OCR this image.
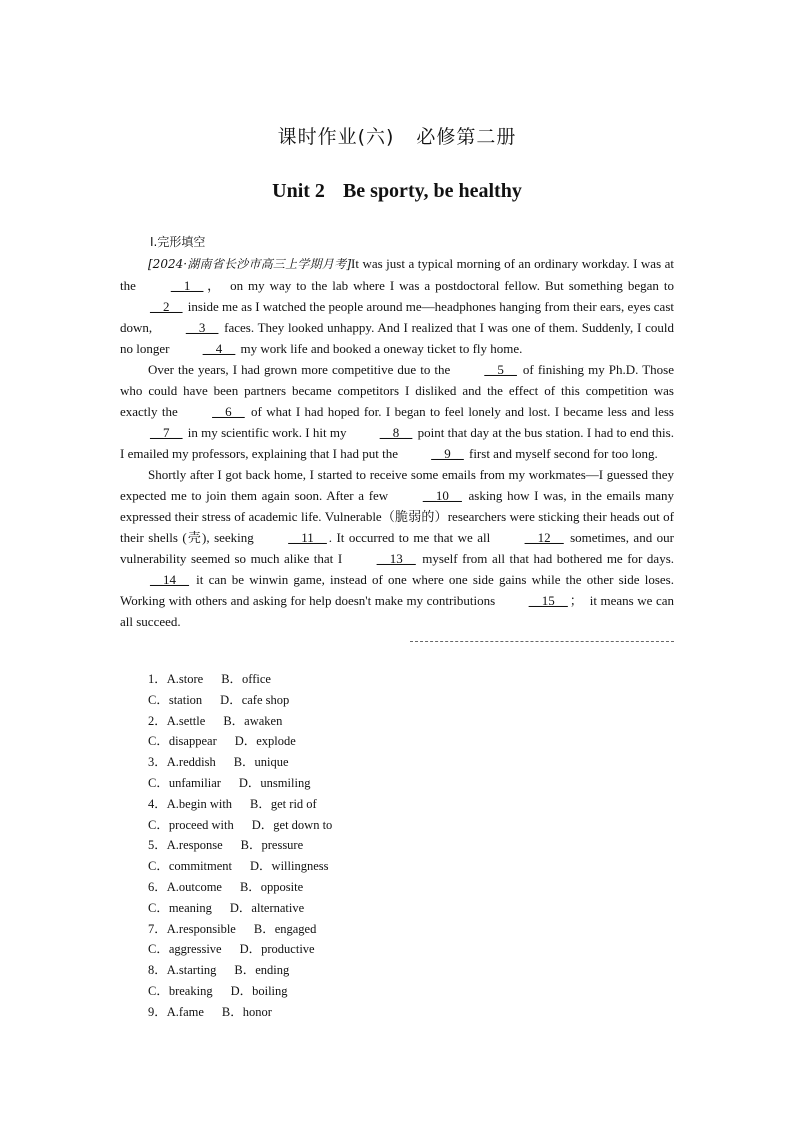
课时作业(六) 必修第二册
Unit 2 Be sporty, be healthy
Ⅰ.完形填空

[2024·湖南省长沙市高三上学期月考]It was just a typical morning of an ordinary workday. I was at the __1__ ，　on my way to the lab where I was a postdoctoral fellow. But something began to __2__ inside me as I watched the people around me—headphones hanging from their ears, eyes cast down, __3__ faces. They looked unhappy. And I realized that I was one of them. Suddenly, I could no longer __4__ my work life and booked a oneway ticket to fly home.

Over the years, I had grown more competitive due to the __5__ of finishing my Ph.D. Those who could have been partners became competitors I disliked and the effect of this competition was exactly the __6__ of what I had hoped for. I began to feel lonely and lost. I became less and less __7__ in my scientific work. I hit my __8__ point that day at the bus station. I had to end this. I emailed my professors, explaining that I had put the __9__ first and myself second for too long.

Shortly after I got back home, I started to receive some emails from my workmates—I guessed they expected me to join them again soon. After a few __10__ asking how I was, in the emails many expressed their stress of academic life. Vulnerable（脆弱的）researchers were sticking their heads out of their shells (壳), seeking __11__ . It occurred to me that we all __12__ sometimes, and our vulnerability seemed so much alike that I __13__ myself from all that had bothered me for days. __14__ it can be winwin game, instead of one where one side gains while the other side loses. Working with others and asking for help doesn't make my contributions __15__ ；　it means we can all succeed.

1．A.store B．office
C．station D．cafe shop
2．A.settle B．awaken
C．disappear D．explode
3．A.reddish B．unique
C．unfamiliar D．unsmiling
4．A.begin with B．get rid of
C．proceed with D．get down to
5．A.response B．pressure
C．commitment D．willingness
6．A.outcome B．opposite
C．meaning D．alternative
7．A.responsible B．engaged
C．aggressive D．productive
8．A.starting B．ending
C．breaking D．boiling
9．A.fame B．honor
